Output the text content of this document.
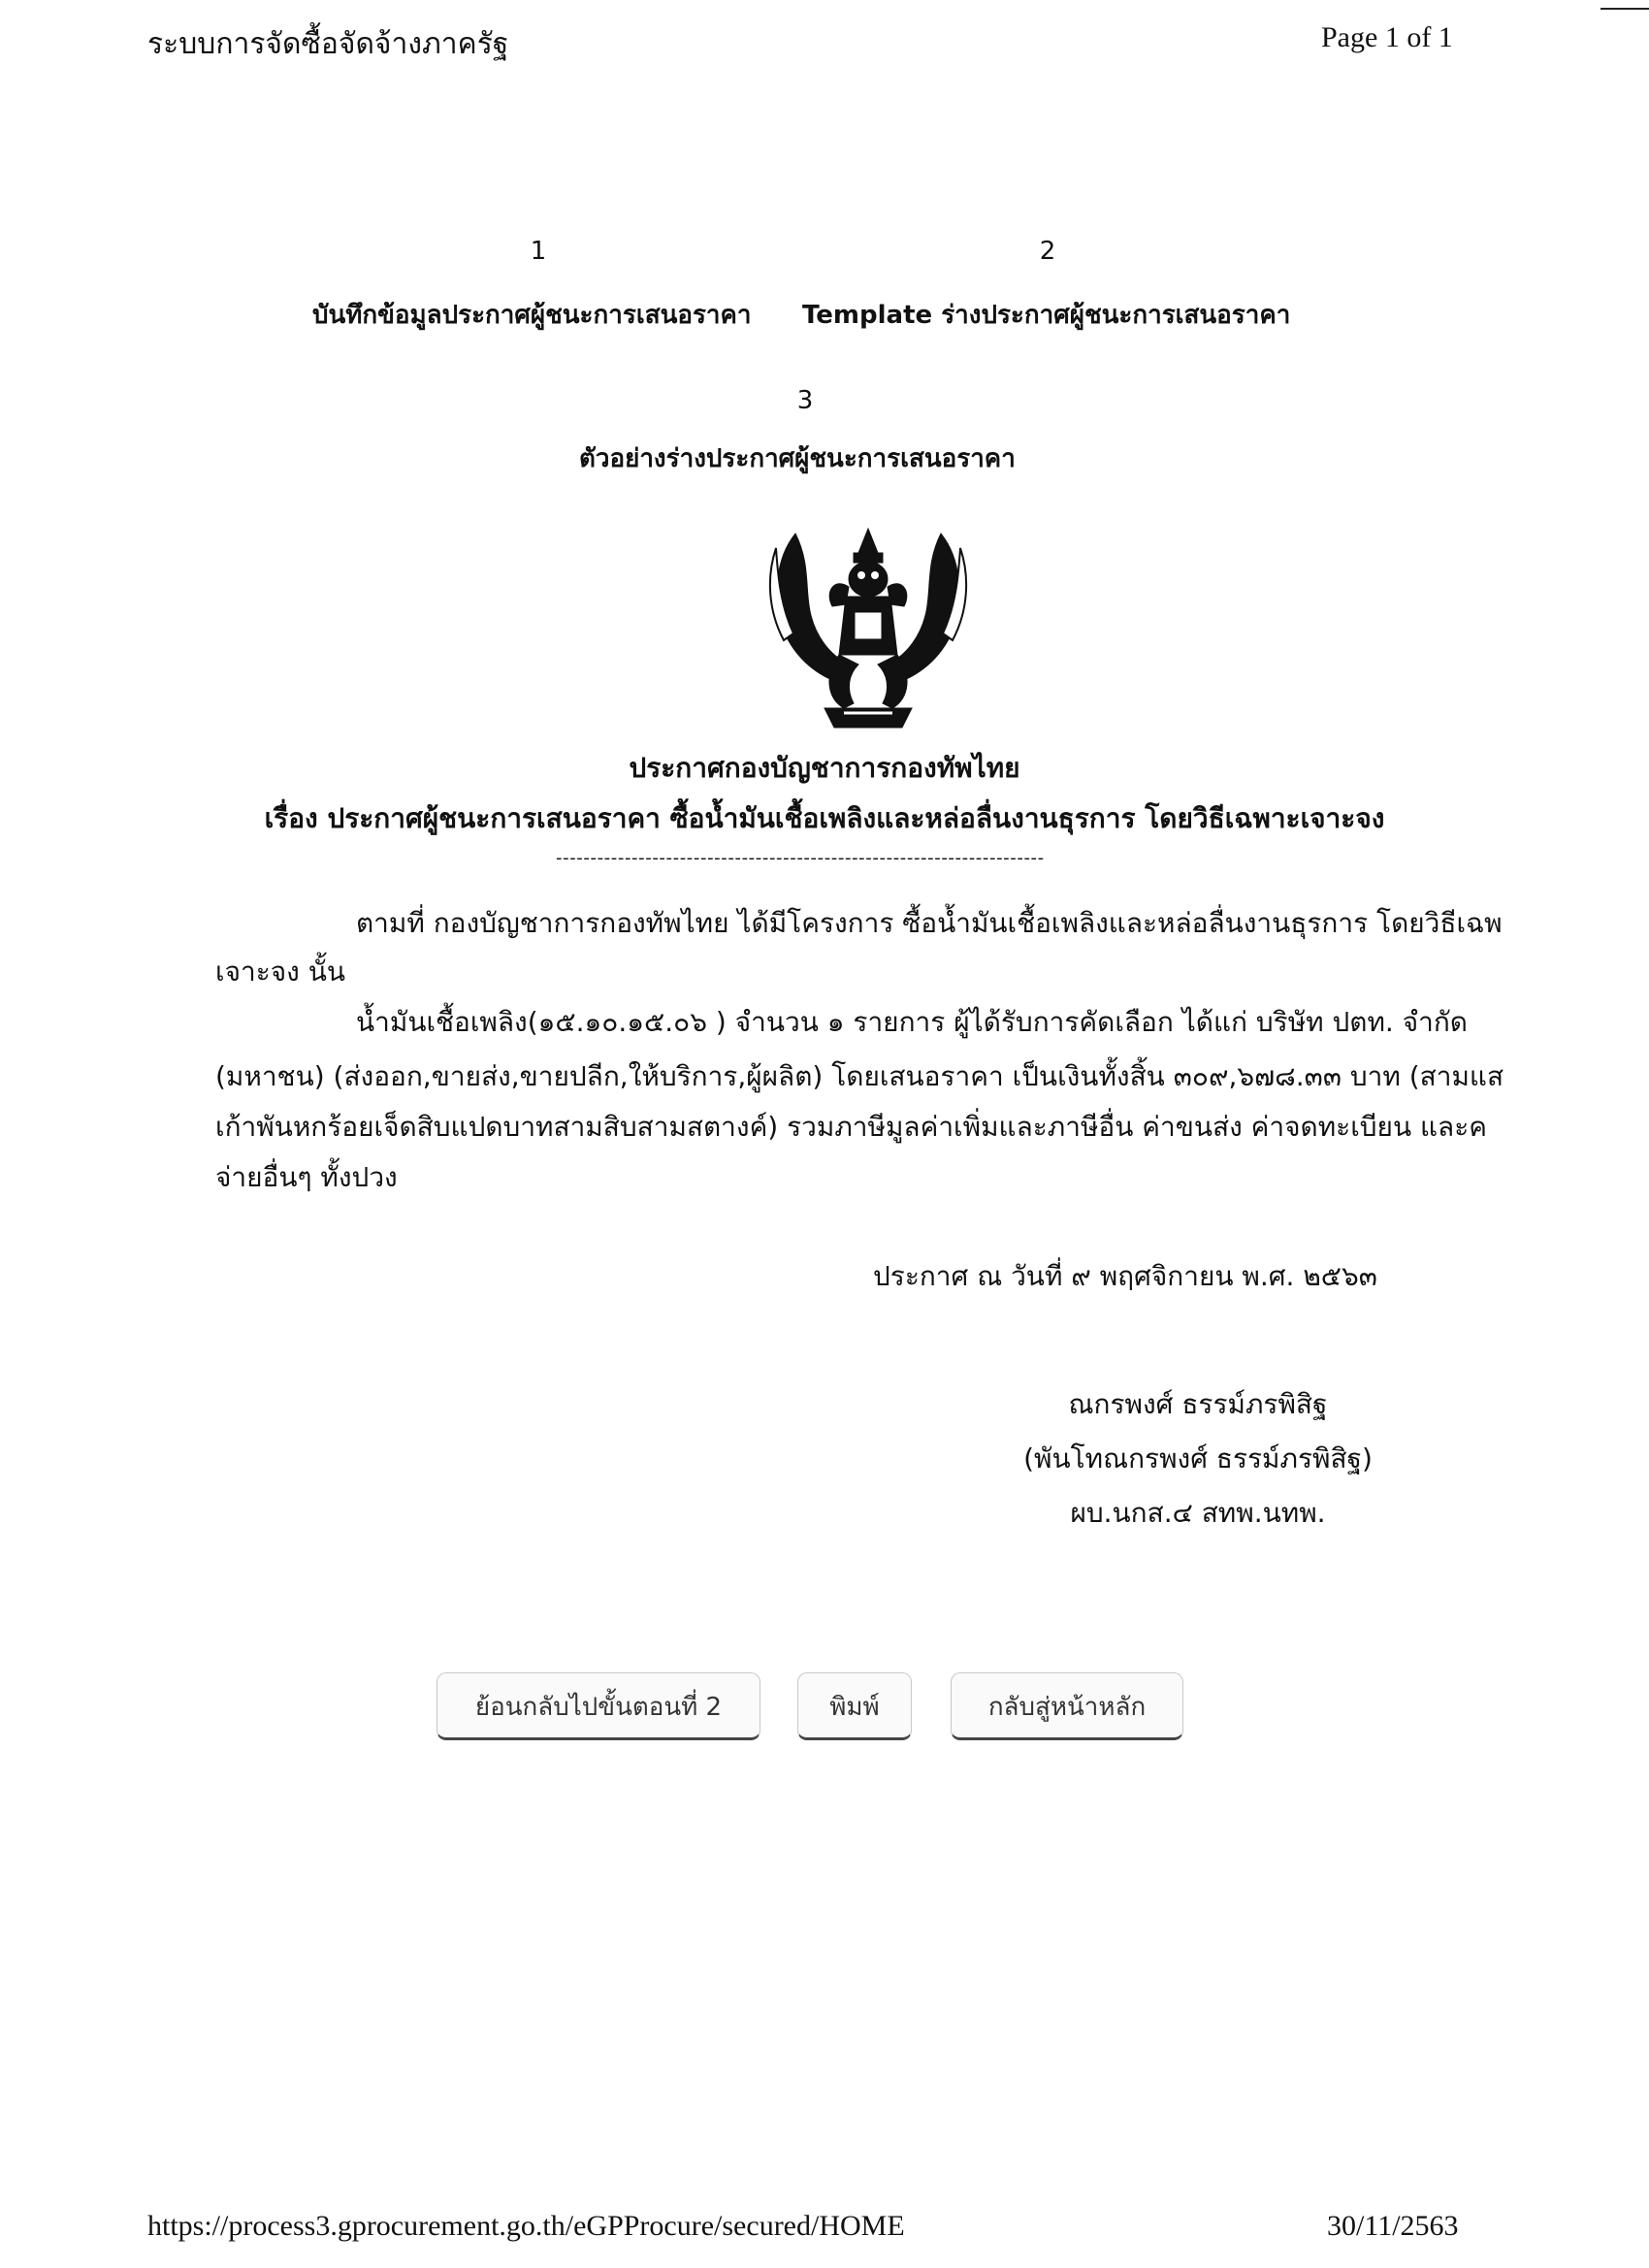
ระบบการจัดซื้อจัดจ้างภาครัฐ	Page 1 of 1
1	2
บันทึกข้อมูลประกาศผู้ชนะการเสนอราคา Template ร่างประกาศผู้ชนะการเสนอราคา
3
ตัวอย่างร่างประกาศผู้ชนะการเสนอราคา
ประกาศกองบัญชาการกองทัพไทย
เรื่อง ประกาศผู้ชนะการเสนอราคา ซื้อน้ำมันเชื้อเพลิงและหล่อลื่นงานธุรการ โดยวิธีเฉพาะเจาะจง
-----------------------------------------------------------------------
ตามที่ กองบัญชาการกองทัพไทย ได้มีโครงการ ซื้อน้ำมันเชื้อเพลิงและหล่อลื่นงานธุรการ โดยวิธีเฉพ
เจาะจง นั้น
น้ำมันเชื้อเพลิง(๑๕.๑๐.๑๕.๐๖ ) จำนวน ๑ รายการ ผู้ได้รับการคัดเลือก ได้แก่ บริษัท ปตท. จำกัด
(มหาชน) (ส่งออก,ขายส่ง,ขายปลีก,ให้บริการ,ผู้ผลิต) โดยเสนอราคา เป็นเงินทั้งสิ้น ๓๐๙,๖๗๘.๓๓ บาท (สามแส
เก้าพันหกร้อยเจ็ดสิบแปดบาทสามสิบสามสตางค์) รวมภาษีมูลค่าเพิ่มและภาษีอื่น ค่าขนส่ง ค่าจดทะเบียน และค
จ่ายอื่นๆ ทั้งปวง
ประกาศ ณ วันที่ ๙ พฤศจิกายน พ.ศ. ๒๕๖๓
ณกรพงศ์ ธรรม์ภรพิสิฐ
(พันโทณกรพงศ์ ธรรม์ภรพิสิฐ)
ผบ.นกส.๔ สทพ.นทพ.
ย้อนกลับไปขั้นตอนที่ 2	พิมพ์	กลับสู่หน้าหลัก
https://process3.gprocurement.go.th/eGPProcure/secured/HOME	30/11/2563
